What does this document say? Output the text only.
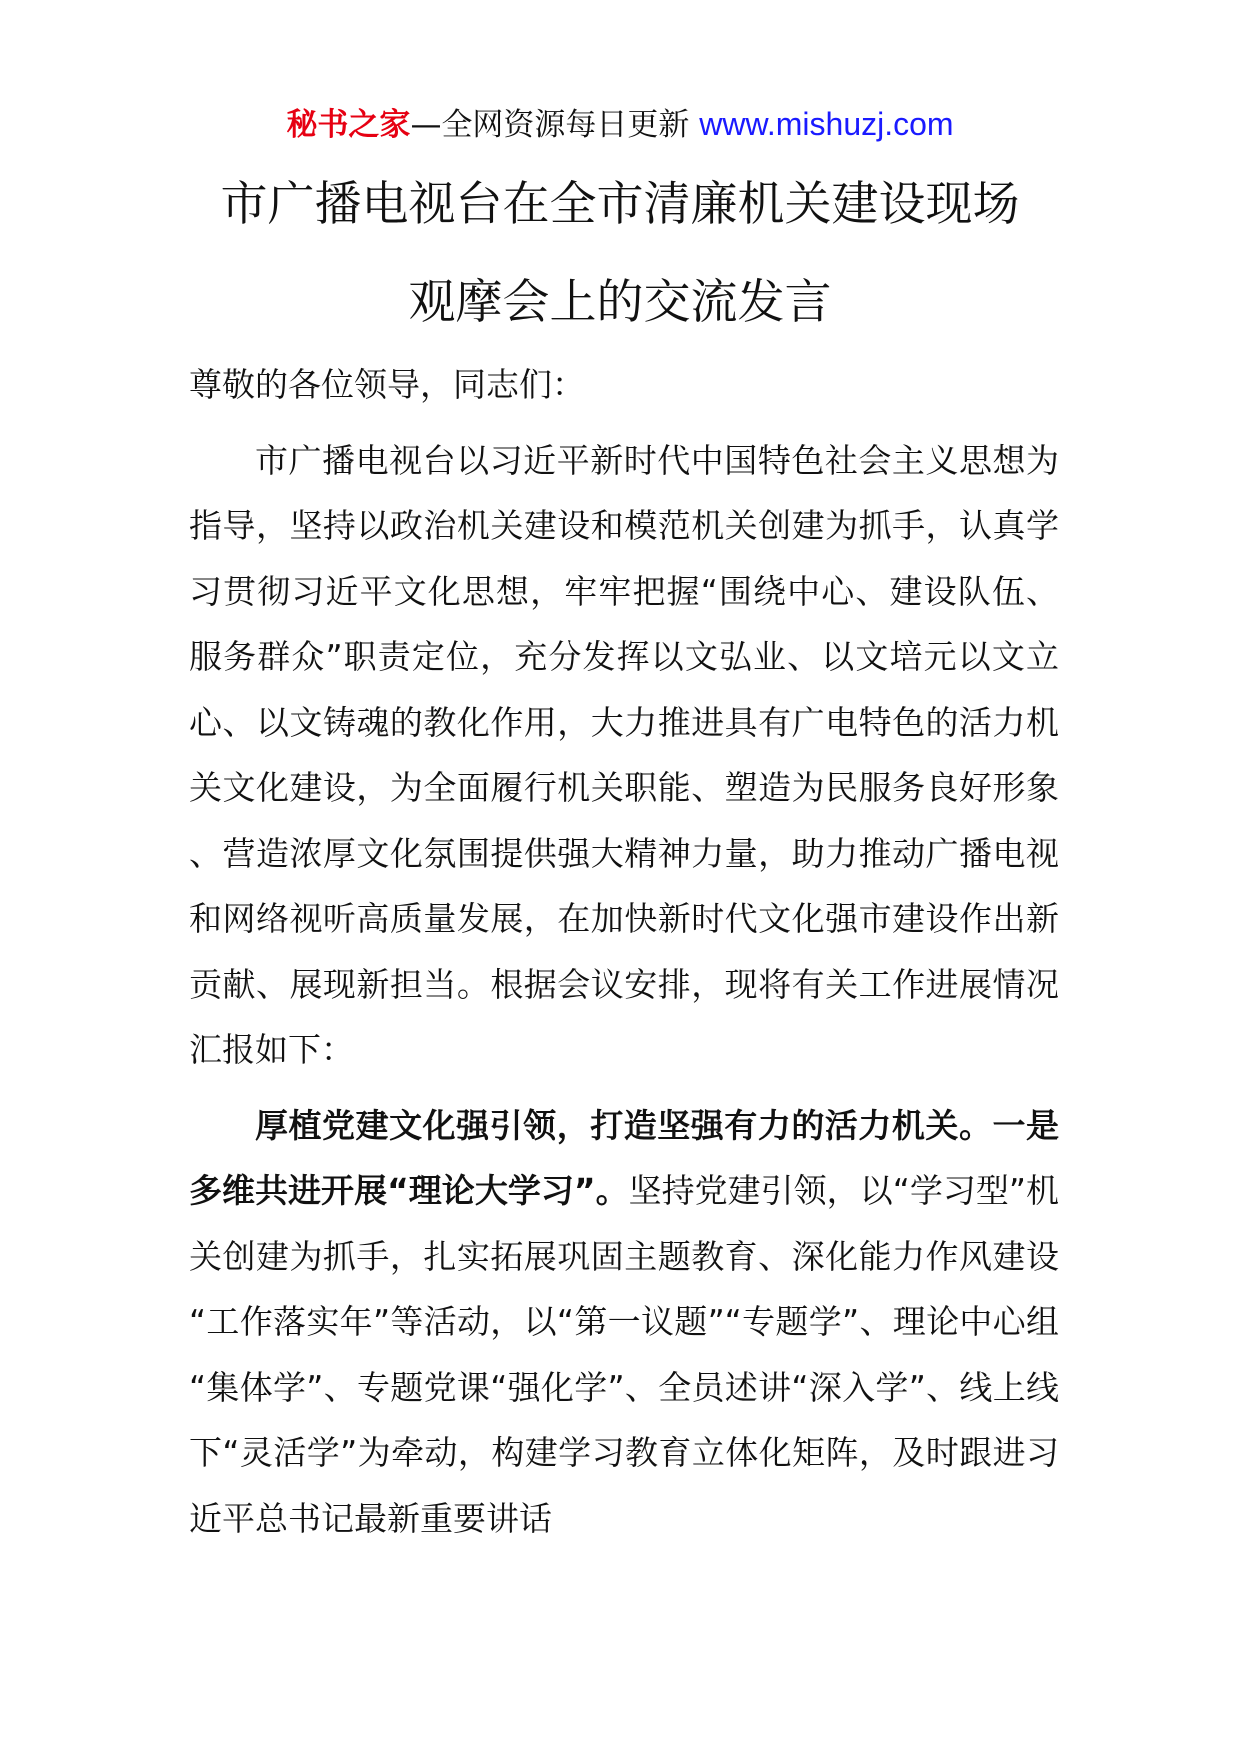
秘书之家—全网资源每日更新 www.mishuzj.com
市广播电视台在全市清廉机关建设现场
观摩会上的交流发言

尊敬的各位领导，同志们：

市广播电视台以习近平新时代中国特色社会主义思想为指导，坚持以政治机关建设和模范机关创建为抓手，认真学习贯彻习近平文化思想，牢牢把握“围绕中心、建设队伍、服务群众”职责定位，充分发挥以文弘业、以文培元以文立心、以文铸魂的教化作用，大力推进具有广电特色的活力机关文化建设，为全面履行机关职能、塑造为民服务良好形象、营造浓厚文化氛围提供强大精神力量，助力推动广播电视和网络视听高质量发展，在加快新时代文化强市建设作出新贡献、展现新担当。根据会议安排，现将有关工作进展情况汇报如下：

厚植党建文化强引领，打造坚强有力的活力机关。一是多维共进开展“理论大学习”。坚持党建引领，以“学习型”机关创建为抓手，扎实拓展巩固主题教育、深化能力作风建设“工作落实年”等活动，以“第一议题”“专题学”、理论中心组“集体学”、专题党课“强化学”、全员述讲“深入学”、线上线下“灵活学”为牵动，构建学习教育立体化矩阵，及时跟进习近平总书记最新重要讲话
